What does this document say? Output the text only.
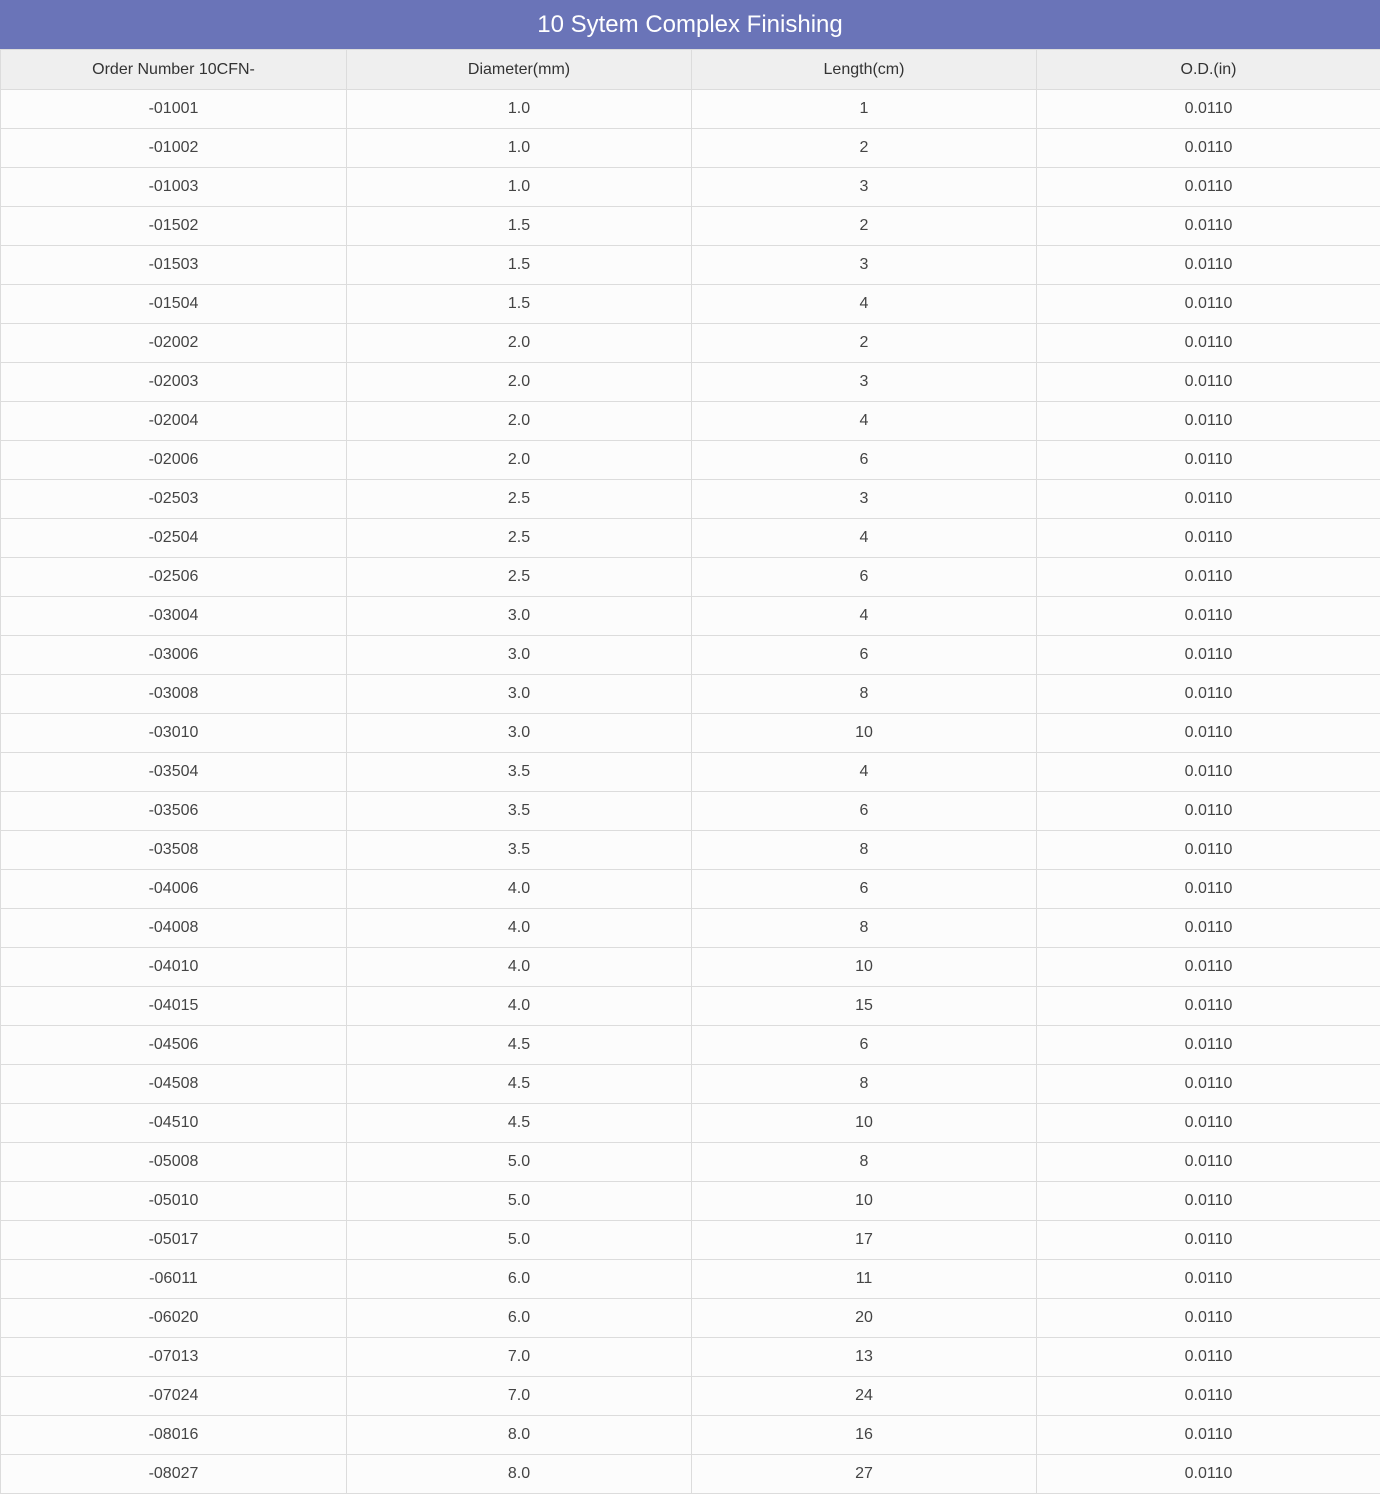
10 Sytem Complex Finishing
Order Number 10CFN-	Diameter(mm)	Length(cm)	O.D.(in)
-01001	1.0	1	0.0110
-01002	1.0	2	0.0110
-01003	1.0	3	0.0110
-01502	1.5	2	0.0110
-01503	1.5	3	0.0110
-01504	1.5	4	0.0110
-02002	2.0	2	0.0110
-02003	2.0	3	0.0110
-02004	2.0	4	0.0110
-02006	2.0	6	0.0110
-02503	2.5	3	0.0110
-02504	2.5	4	0.0110
-02506	2.5	6	0.0110
-03004	3.0	4	0.0110
-03006	3.0	6	0.0110
-03008	3.0	8	0.0110
-03010	3.0	10	0.0110
-03504	3.5	4	0.0110
-03506	3.5	6	0.0110
-03508	3.5	8	0.0110
-04006	4.0	6	0.0110
-04008	4.0	8	0.0110
-04010	4.0	10	0.0110
-04015	4.0	15	0.0110
-04506	4.5	6	0.0110
-04508	4.5	8	0.0110
-04510	4.5	10	0.0110
-05008	5.0	8	0.0110
-05010	5.0	10	0.0110
-05017	5.0	17	0.0110
-06011	6.0	11	0.0110
-06020	6.0	20	0.0110
-07013	7.0	13	0.0110
-07024	7.0	24	0.0110
-08016	8.0	16	0.0110
-08027	8.0	27	0.0110
